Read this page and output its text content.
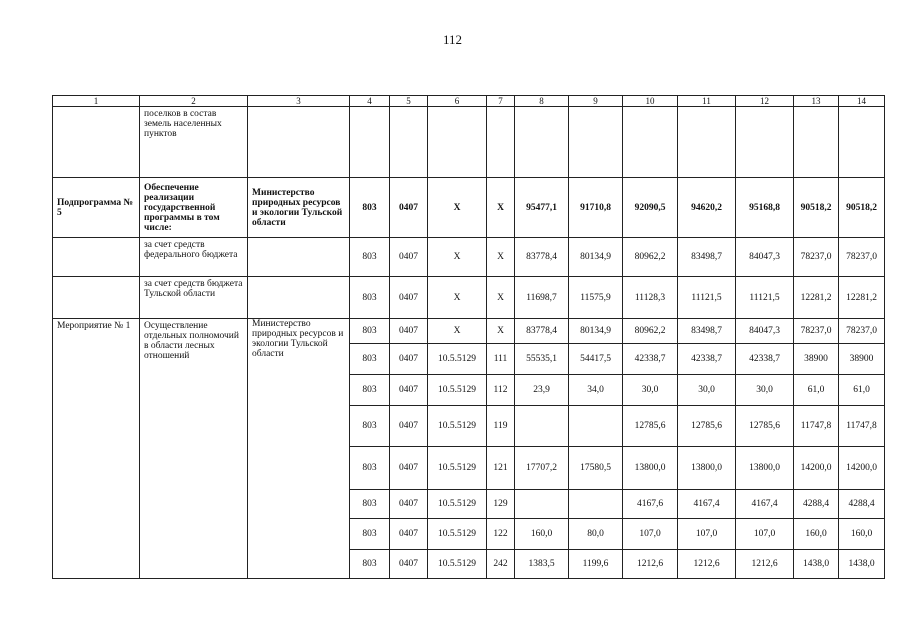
112
1	2	3	4	5	6	7	8	9	10	11	12	13	14
	поселков в состав земель населенных пунктов												
Подпрограмма № 5	Обеспечение реализации государственной программы в том числе:	Министерство природных ресурсов и экологии Тульской области	803	0407	Х	Х	95477,1	91710,8	92090,5	94620,2	95168,8	90518,2	90518,2
	за счет средств федерального бюджета		803	0407	Х	Х	83778,4	80134,9	80962,2	83498,7	84047,3	78237,0	78237,0
	за счет средств бюджета Тульской области		803	0407	Х	Х	11698,7	11575,9	11128,3	11121,5	11121,5	12281,2	12281,2
Мероприятие № 1	Осуществление отдельных полномочий в области лесных отношений	Министерство природных ресурсов и экологии Тульской области	803	0407	Х	Х	83778,4	80134,9	80962,2	83498,7	84047,3	78237,0	78237,0
			803	0407	10.5.5129	111	55535,1	54417,5	42338,7	42338,7	42338,7	38900	38900
			803	0407	10.5.5129	112	23,9	34,0	30,0	30,0	30,0	61,0	61,0
			803	0407	10.5.5129	119			12785,6	12785,6	12785,6	11747,8	11747,8
			803	0407	10.5.5129	121	17707,2	17580,5	13800,0	13800,0	13800,0	14200,0	14200,0
			803	0407	10.5.5129	129			4167,6	4167,4	4167,4	4288,4	4288,4
			803	0407	10.5.5129	122	160,0	80,0	107,0	107,0	107,0	160,0	160,0
			803	0407	10.5.5129	242	1383,5	1199,6	1212,6	1212,6	1212,6	1438,0	1438,0
